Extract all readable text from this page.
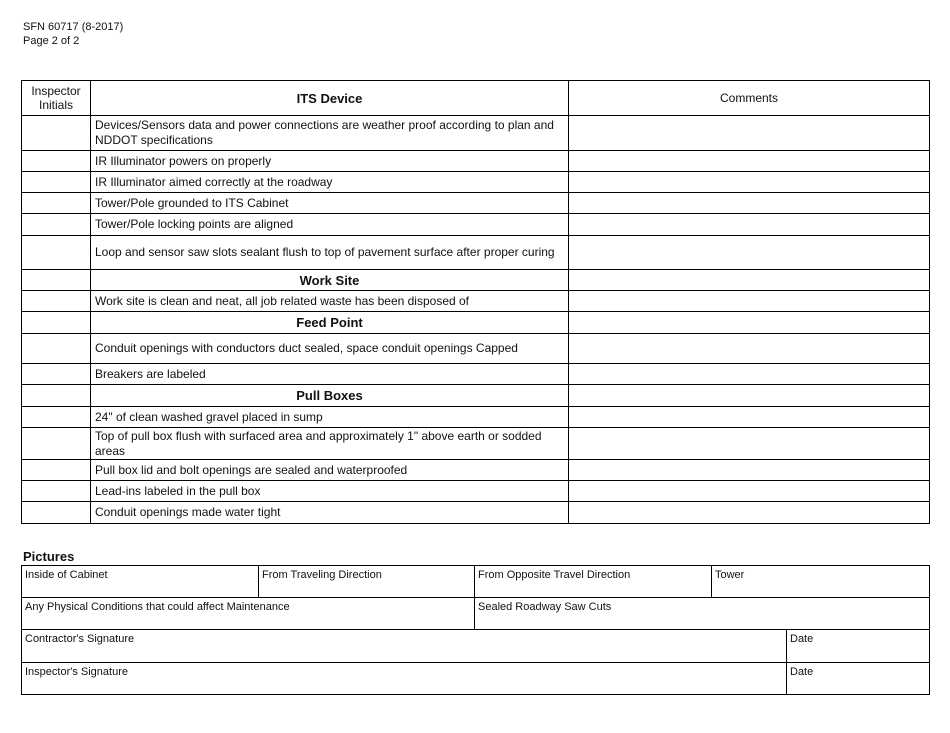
SFN 60717 (8-2017)
Page 2 of 2
Inspector Initials	ITS Device	Comments
	Devices/Sensors data and power connections are weather proof according to plan and NDDOT specifications	
	IR Illuminator powers on properly	
	IR Illuminator aimed correctly at the roadway	
	Tower/Pole grounded to ITS Cabinet	
	Tower/Pole locking points are aligned	
	Loop and sensor saw slots sealant flush to top of pavement surface after proper curing	
	Work Site	
	Work site is clean and neat, all job related waste has been disposed of	
	Feed Point	
	Conduit openings with conductors duct sealed, space conduit openings Capped	
	Breakers are labeled	
	Pull Boxes	
	24" of clean washed gravel placed in sump	
	Top of pull box flush with surfaced area and approximately 1" above earth or sodded areas	
	Pull box lid and bolt openings are sealed and waterproofed	
	Lead-ins labeled in the pull box	
	Conduit openings made water tight	
Pictures
Inside of Cabinet	From Traveling Direction	From Opposite Travel Direction	Tower	
Any Physical Conditions that could affect Maintenance		Sealed Roadway Saw Cuts		
Contractor's Signature				Date
Inspector's Signature				Date
